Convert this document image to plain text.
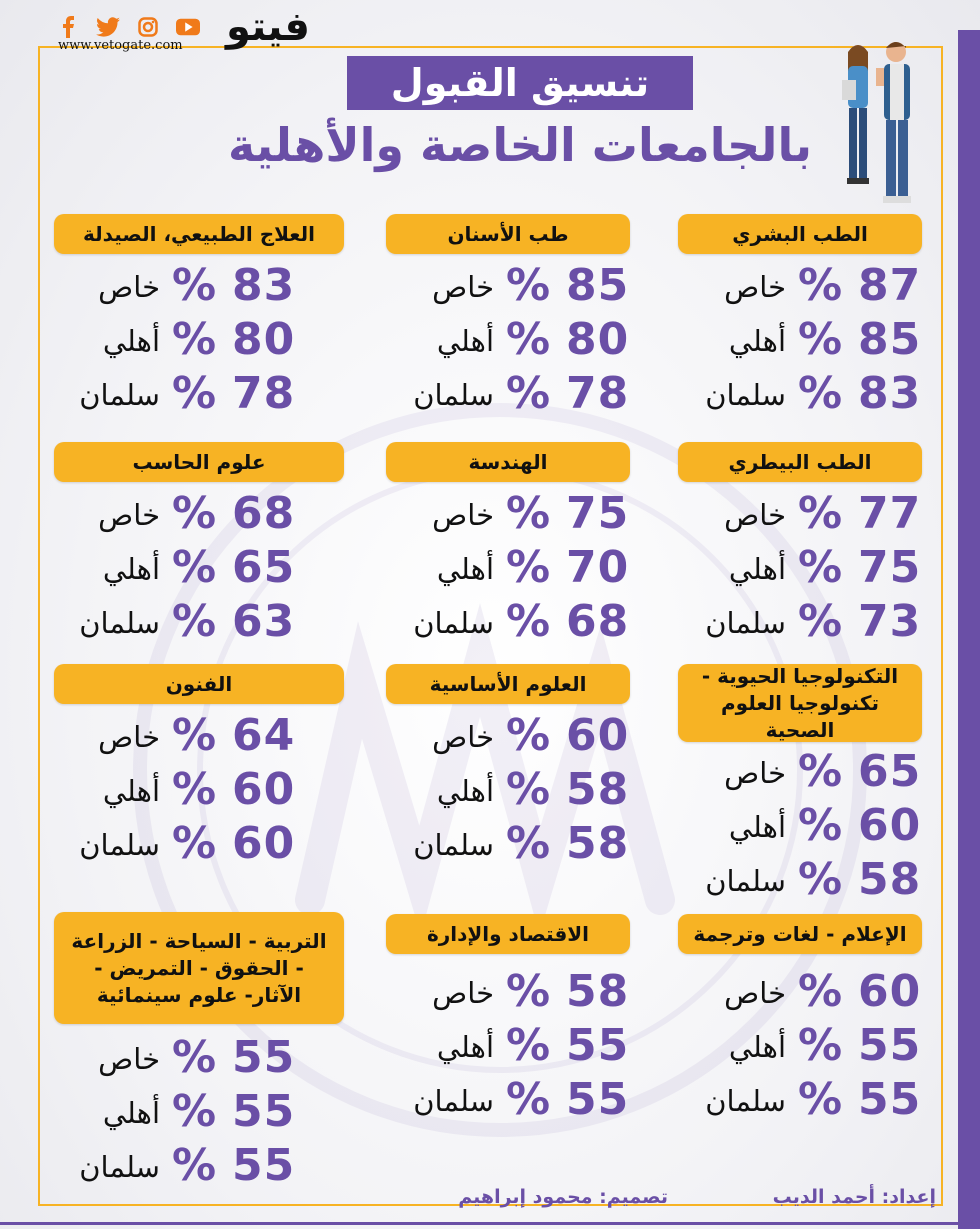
www.vetogate.com فيتو
تنسيق القبول
بالجامعات الخاصة والأهلية
الطب البشري
87
%
خاص
85
%
أهلي
83
%
سلمان
طب الأسنان
85
%
خاص
80
%
أهلي
78
%
سلمان
العلاج الطبيعي، الصيدلة
83
%
خاص
80
%
أهلي
78
%
سلمان
الطب البيطري
77
%
خاص
75
%
أهلي
73
%
سلمان
الهندسة
75
%
خاص
70
%
أهلي
68
%
سلمان
علوم الحاسب
68
%
خاص
65
%
أهلي
63
%
سلمان
التكنولوجيا الحيوية - تكنولوجيا العلوم الصحية
65
%
خاص
60
%
أهلي
58
%
سلمان
العلوم الأساسية
60
%
خاص
58
%
أهلي
58
%
سلمان
الفنون
64
%
خاص
60
%
أهلي
60
%
سلمان
الإعلام - لغات وترجمة
60
%
خاص
55
%
أهلي
55
%
سلمان
الاقتصاد والإدارة
58
%
خاص
55
%
أهلي
55
%
سلمان
التربية - السياحة - الزراعة - الحقوق - التمريض - الآثار- علوم سينمائية
55
%
خاص
55
%
أهلي
55
%
سلمان
إعداد: أحمد الديب
تصميم: محمود إبراهيم
